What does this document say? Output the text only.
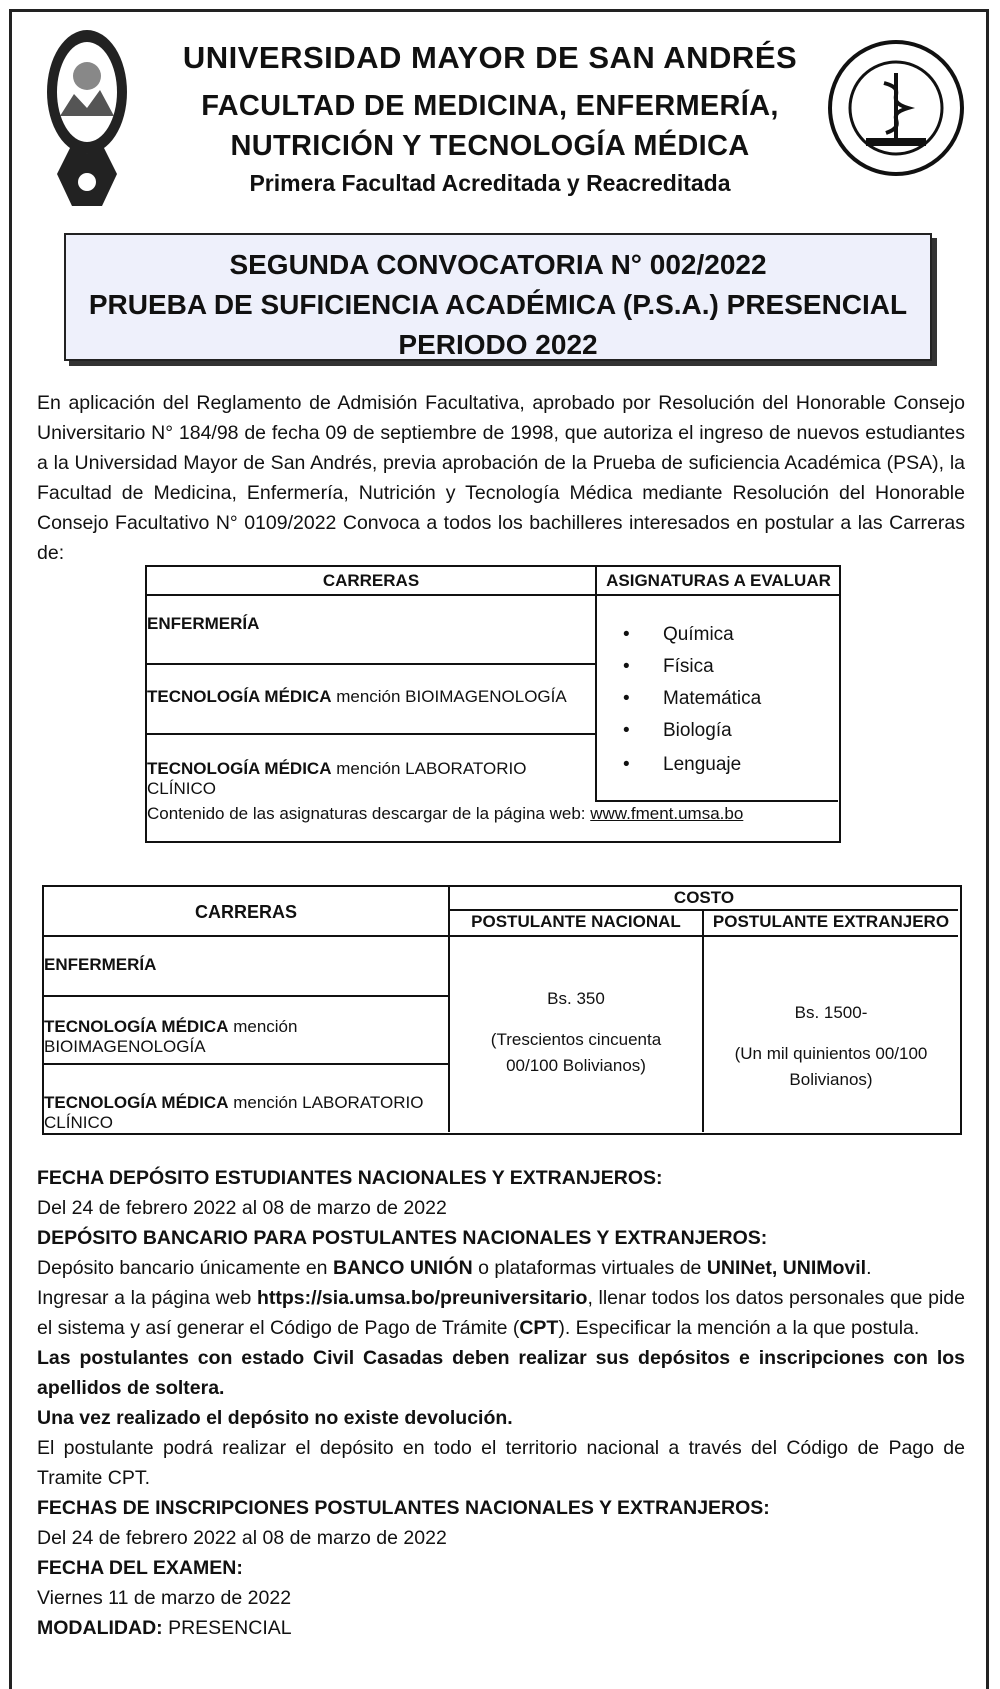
UNIVERSIDAD MAYOR DE SAN ANDRÉS
FACULTAD DE MEDICINA, ENFERMERÍA,
NUTRICIÓN Y TECNOLOGÍA MÉDICA
Primera Facultad Acreditada y Reacreditada
SEGUNDA CONVOCATORIA N° 002/2022
PRUEBA DE SUFICIENCIA ACADÉMICA (P.S.A.) PRESENCIAL
PERIODO 2022
En aplicación del Reglamento de Admisión Facultativa, aprobado por Resolución del Honorable Consejo Universitario N° 184/98 de fecha 09 de septiembre de 1998, que autoriza el ingreso de nuevos estudiantes a la Universidad Mayor de San Andrés, previa aprobación de la Prueba de suficiencia Académica (PSA), la Facultad de Medicina, Enfermería, Nutrición y Tecnología Médica mediante Resolución del Honorable Consejo Facultativo N° 0109/2022 Convoca a todos los bachilleres interesados en postular a las Carreras de:
CARRERAS	ASIGNATURAS A EVALUAR
ENFERMERÍA
TECNOLOGÍA MÉDICA mención BIOIMAGENOLOGÍA
TECNOLOGÍA MÉDICA mención LABORATORIO CLÍNICO
• Química
• Física
• Matemática
• Biología
• Lenguaje
Contenido de las asignaturas descargar de la página web: www.fment.umsa.bo
CARRERAS
COSTO
POSTULANTE NACIONAL	POSTULANTE EXTRANJERO
ENFERMERÍA
TECNOLOGÍA MÉDICA mención BIOIMAGENOLOGÍA
TECNOLOGÍA MÉDICA mención LABORATORIO CLÍNICO
Bs. 350
(Trescientos cincuenta 00/100 Bolivianos)
Bs. 1500-
(Un mil quinientos 00/100 Bolivianos)

FECHA DEPÓSITO ESTUDIANTES NACIONALES Y EXTRANJEROS:

Del 24 de febrero 2022 al 08 de marzo de 2022

DEPÓSITO BANCARIO PARA POSTULANTES NACIONALES Y EXTRANJEROS:

Depósito bancario únicamente en BANCO UNIÓN o plataformas virtuales de UNINet, UNIMovil.

Ingresar a la página web https://sia.umsa.bo/preuniversitario, llenar todos los datos personales que pide el sistema y así generar el Código de Pago de Trámite (CPT). Especificar la mención a la que postula.

Las postulantes con estado Civil Casadas deben realizar sus depósitos e inscripciones con los apellidos de soltera.

Una vez realizado el depósito no existe devolución.

El postulante podrá realizar el depósito en todo el territorio nacional a través del Código de Pago de Tramite CPT.

FECHAS DE INSCRIPCIONES POSTULANTES NACIONALES Y EXTRANJEROS:

Del 24 de febrero 2022 al 08 de marzo de 2022

FECHA DEL EXAMEN:

Viernes 11 de marzo de 2022

MODALIDAD: PRESENCIAL
